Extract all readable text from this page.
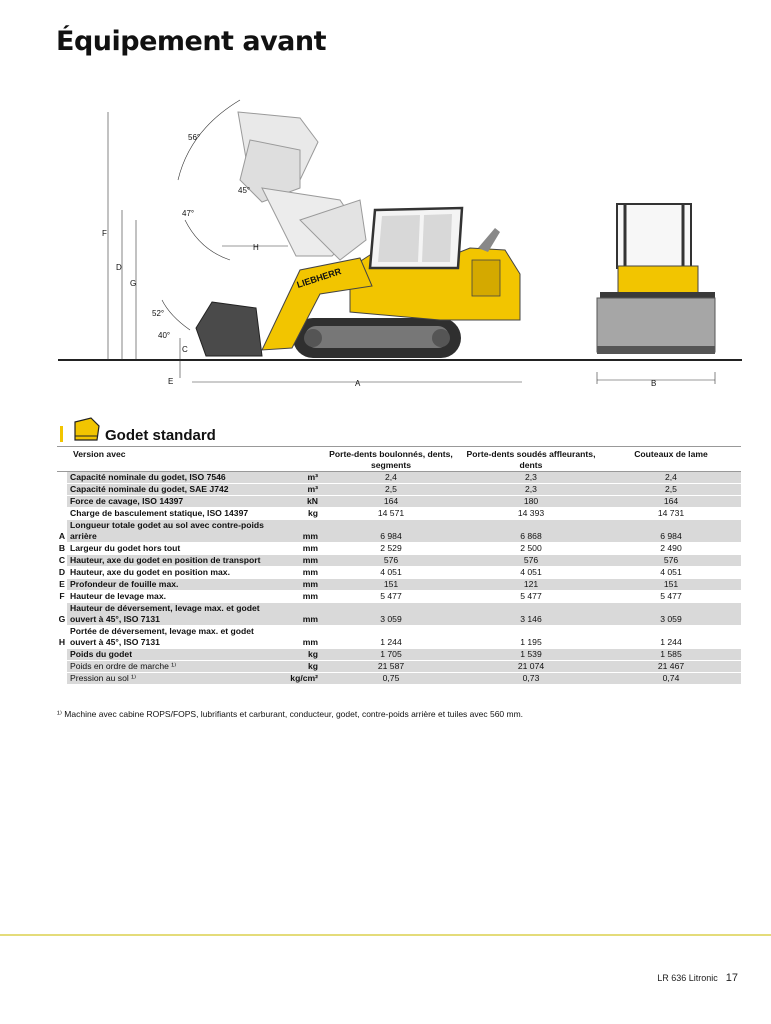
Équipement avant
LIEBHERR
56°
45°
47°
52°
40°
A	B
C
D
E
F
G
H
Godet standard
Version avec			Porte-dents boulonnés, dents, segments	Porte-dents soudés affleurants, dents	Couteaux de lame
	Capacité nominale du godet, ISO 7546	m³	2,4	2,3	2,4
	Capacité nominale du godet, SAE J742	m³	2,5	2,3	2,5
	Force de cavage, ISO 14397	kN	164	180	164
	Charge de basculement statique, ISO 14397	kg	14 571	14 393	14 731
A	Longueur totale godet au sol avec contre-poids arrière	mm	6 984	6 868	6 984
B	Largeur du godet hors tout	mm	2 529	2 500	2 490
C	Hauteur, axe du godet en position de transport	mm	576	576	576
D	Hauteur, axe du godet en position max.	mm	4 051	4 051	4 051
E	Profondeur de fouille max.	mm	151	121	151
F	Hauteur de levage max.	mm	5 477	5 477	5 477
G	Hauteur de déversement, levage max. et godet ouvert à 45°, ISO 7131	mm	3 059	3 146	3 059
H	Portée de déversement, levage max. et godet ouvert à 45°, ISO 7131	mm	1 244	1 195	1 244
	Poids du godet	kg	1 705	1 539	1 585
	Poids en ordre de marche ¹⁾	kg	21 587	21 074	21 467
	Pression au sol ¹⁾	kg/cm²	0,75	0,73	0,74
¹⁾ Machine avec cabine ROPS/FOPS, lubrifiants et carburant, conducteur, godet, contre-poids arrière et tuiles avec 560 mm.
LR 636 Litronic 17
